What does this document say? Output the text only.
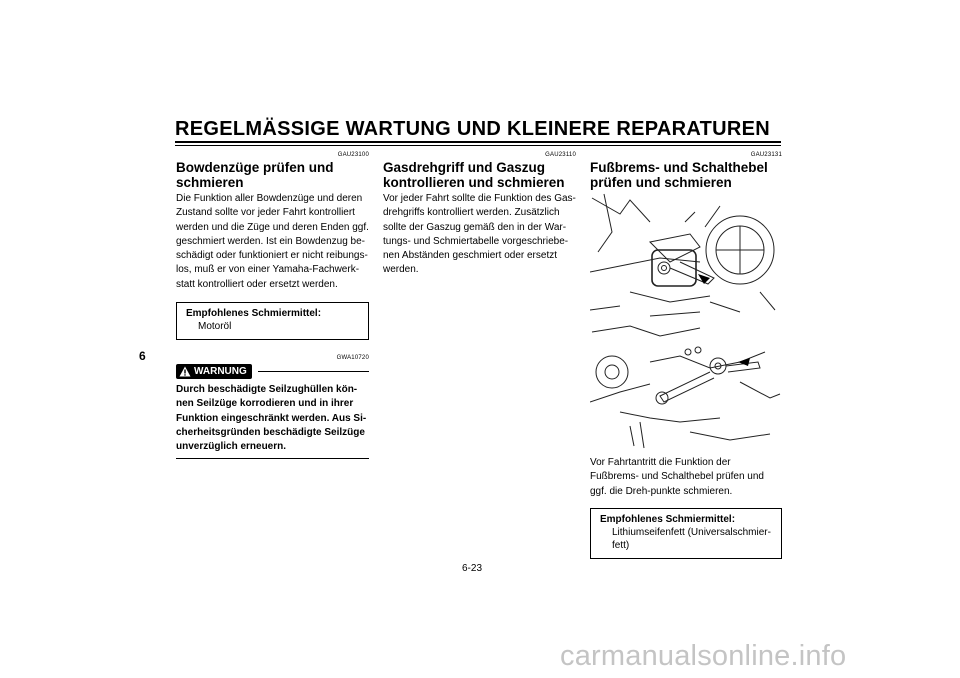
REGELMÄSSIGE WARTUNG UND KLEINERE REPARATUREN
6
GAU23100
Bowdenzüge prüfen und schmieren

Die Funktion aller Bowdenzüge und deren Zustand sollte vor jeder Fahrt kontrolliert werden und die Züge und deren Enden ggf. geschmiert werden. Ist ein Bowdenzug be-schädigt oder funktioniert er nicht reibungs-los, muß er von einer Yamaha-Fachwerk-statt kontrolliert oder ersetzt werden.

Empfohlenes Schmiermittel:
Motoröl
GWA10720
WARNUNG
Durch beschädigte Seilzughüllen kön-nen Seilzüge korrodieren und in ihrer Funktion eingeschränkt werden. Aus Si-cherheitsgründen beschädigte Seilzüge unverzüglich erneuern.
GAU23110
Gasdrehgriff und Gaszug kontrollieren und schmieren

Vor jeder Fahrt sollte die Funktion des Gas-drehgriffs kontrolliert werden. Zusätzlich sollte der Gaszug gemäß den in der War-tungs- und Schmiertabelle vorgeschriebe-nen Abständen geschmiert oder ersetzt werden.

GAU23131
Fußbrems- und Schalthebel prüfen und schmieren

Vor Fahrtantritt die Funktion der Fußbrems- und Schalthebel prüfen und ggf. die Dreh-punkte schmieren.

Empfohlenes Schmiermittel:
Lithiumseifenfett (Universalschmier-fett)
6-23
carmanualsonline.info
